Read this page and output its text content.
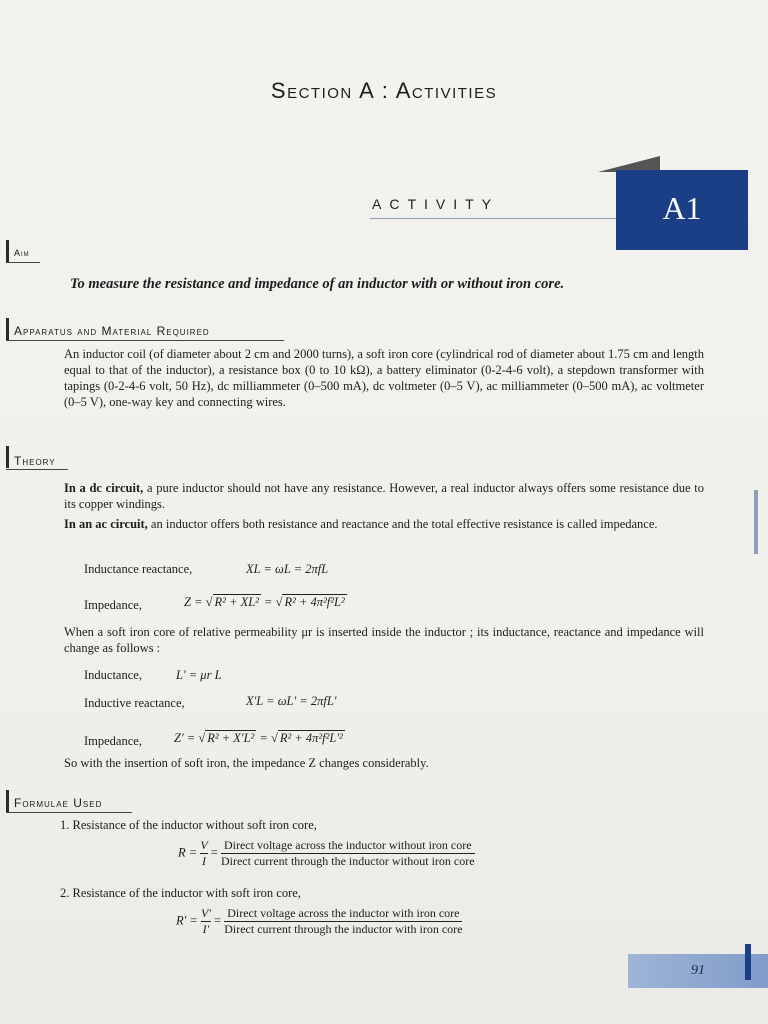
Section A : Activities
ACTIVITY	A1
Aim
To measure the resistance and impedance of an inductor with or without iron core.
Apparatus and Material Required
An inductor coil (of diameter about 2 cm and 2000 turns), a soft iron core (cylindrical rod of diameter about 1.75 cm and length equal to that of the inductor), a resistance box (0 to 10 kΩ), a battery eliminator (0-2-4-6 volt), a stepdown transformer with tapings (0-2-4-6 volt, 50 Hz), dc milliammeter (0–500 mA), dc voltmeter (0–5 V), ac milliammeter (0–500 mA), ac voltmeter (0–5 V), one-way key and connecting wires.
Theory
In a dc circuit, a pure inductor should not have any resistance. However, a real inductor always offers some resistance due to its copper windings.
In an ac circuit, an inductor offers both resistance and reactance and the total effective resistance is called impedance.
Inductance reactance,	XL = ωL = 2πfL
Impedance,	Z = √ R² + XL² = √ R² + 4π²f²L²
When a soft iron core of relative permeability μr is inserted inside the inductor ; its inductance, reactance and impedance will change as follows :
Inductance,	L' = μr L
Inductive reactance,	X'L = ωL' = 2πfL'
Impedance,	Z' = √ R² + X'L² = √ R² + 4π²f²L'²
So with the insertion of soft iron, the impedance Z changes considerably.
Formulae Used
1. Resistance of the inductor without soft iron core,
$R = \frac{V}{I} = \frac{\text{Direct voltage across the inductor without iron core}}{\text{Direct current through the inductor without iron core}}$
2. Resistance of the inductor with soft iron core,
$R' = \frac{V'}{I'} = \frac{\text{Direct voltage across the inductor with iron core}}{\text{Direct current through the inductor with iron core}}$
91
